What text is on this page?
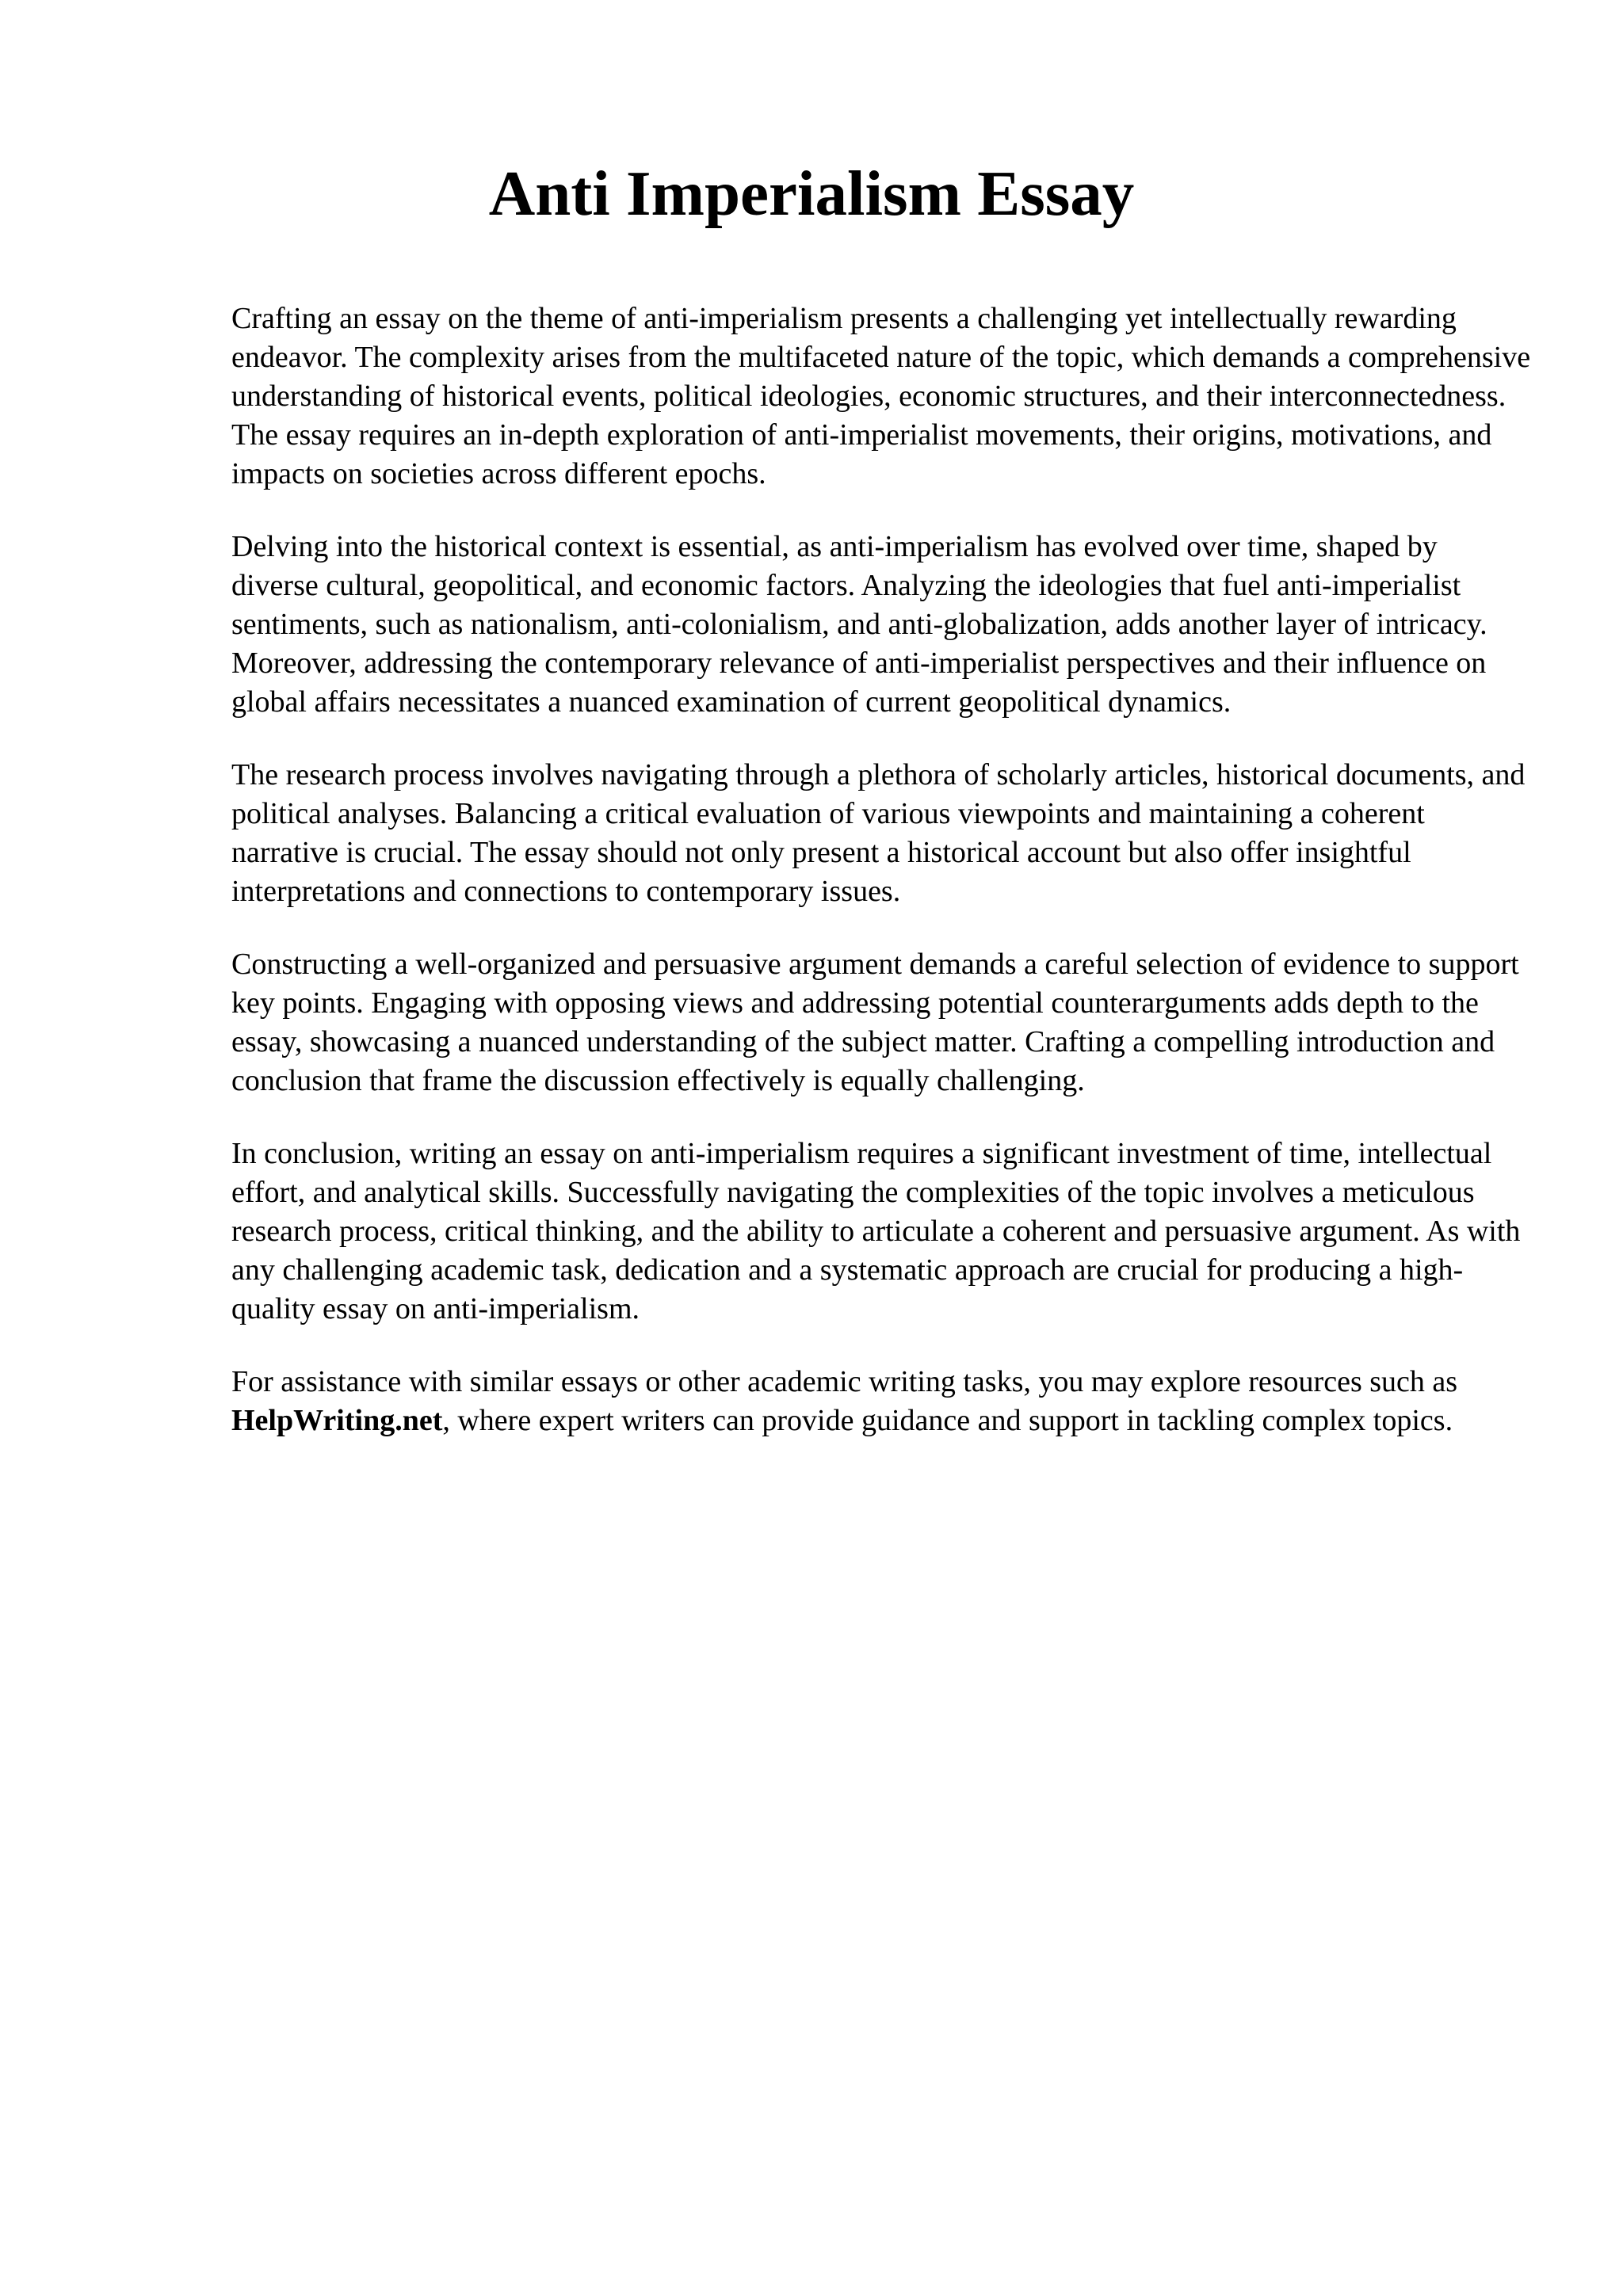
Anti Imperialism Essay

Crafting an essay on the theme of anti-imperialism presents a challenging yet intellectually rewarding endeavor. The complexity arises from the multifaceted nature of the topic, which demands a comprehensive understanding of historical events, political ideologies, economic structures, and their interconnectedness. The essay requires an in-depth exploration of anti-imperialist movements, their origins, motivations, and impacts on societies across different epochs.

Delving into the historical context is essential, as anti-imperialism has evolved over time, shaped by diverse cultural, geopolitical, and economic factors. Analyzing the ideologies that fuel anti-imperialist sentiments, such as nationalism, anti-colonialism, and anti-globalization, adds another layer of intricacy. Moreover, addressing the contemporary relevance of anti-imperialist perspectives and their influence on global affairs necessitates a nuanced examination of current geopolitical dynamics.

The research process involves navigating through a plethora of scholarly articles, historical documents, and political analyses. Balancing a critical evaluation of various viewpoints and maintaining a coherent narrative is crucial. The essay should not only present a historical account but also offer insightful interpretations and connections to contemporary issues.

Constructing a well-organized and persuasive argument demands a careful selection of evidence to support key points. Engaging with opposing views and addressing potential counterarguments adds depth to the essay, showcasing a nuanced understanding of the subject matter. Crafting a compelling introduction and conclusion that frame the discussion effectively is equally challenging.

In conclusion, writing an essay on anti-imperialism requires a significant investment of time, intellectual effort, and analytical skills. Successfully navigating the complexities of the topic involves a meticulous research process, critical thinking, and the ability to articulate a coherent and persuasive argument. As with any challenging academic task, dedication and a systematic approach are crucial for producing a high-quality essay on anti-imperialism.

For assistance with similar essays or other academic writing tasks, you may explore resources such as HelpWriting.net, where expert writers can provide guidance and support in tackling complex topics.
